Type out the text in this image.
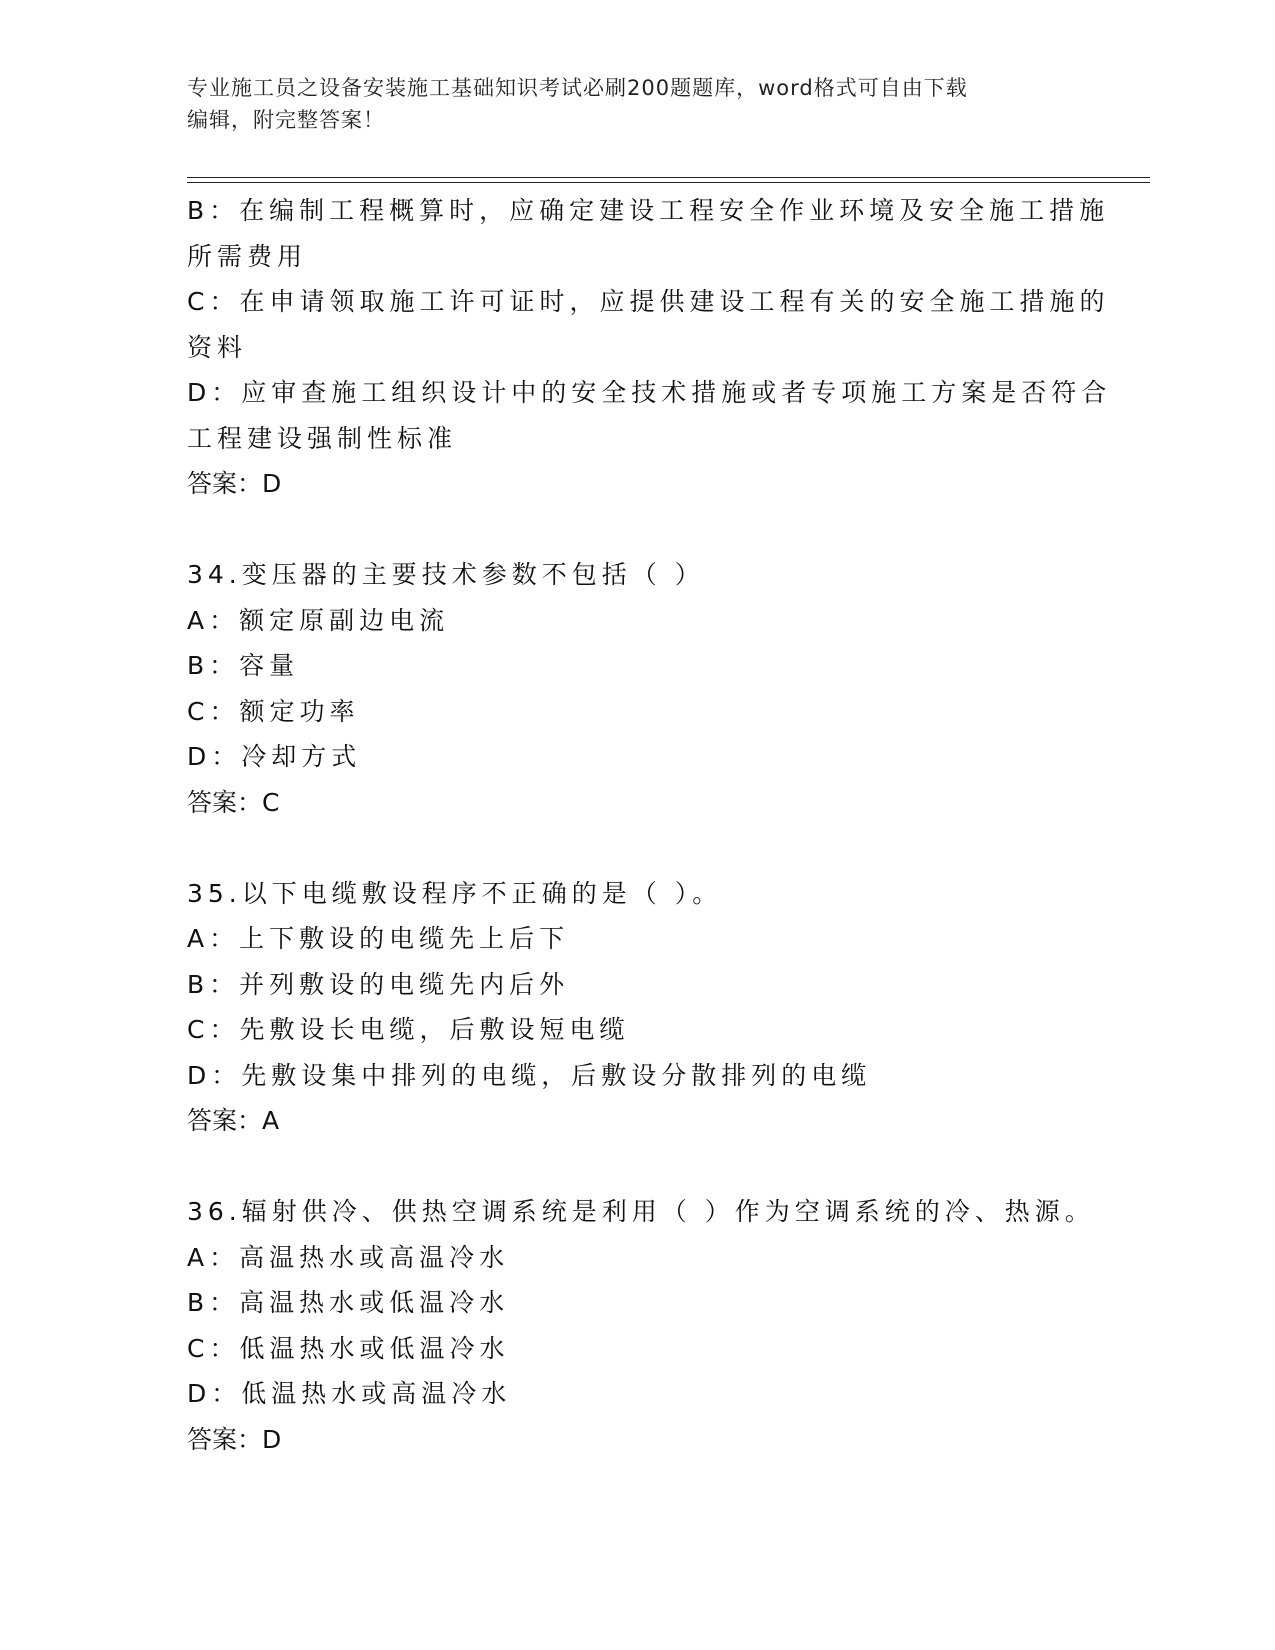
专业施工员之设备安装施工基础知识考试必刷200题题库，word格式可自由下载
编辑，附完整答案！
B：在编制工程概算时，应确定建设工程安全作业环境及安全施工措施
所需费用
C：在申请领取施工许可证时，应提供建设工程有关的安全施工措施的
资料
D：应审查施工组织设计中的安全技术措施或者专项施工方案是否符合
工程建设强制性标准
答案：D
34.变压器的主要技术参数不包括（ ）
A：额定原副边电流
B：容量
C：额定功率
D：冷却方式
答案：C
35.以下电缆敷设程序不正确的是（ ）。
A：上下敷设的电缆先上后下
B：并列敷设的电缆先内后外
C：先敷设长电缆，后敷设短电缆
D：先敷设集中排列的电缆，后敷设分散排列的电缆
答案：A
36.辐射供冷、供热空调系统是利用（ ）作为空调系统的冷、热源。
A：高温热水或高温冷水
B：高温热水或低温冷水
C：低温热水或低温冷水
D：低温热水或高温冷水
答案：D
